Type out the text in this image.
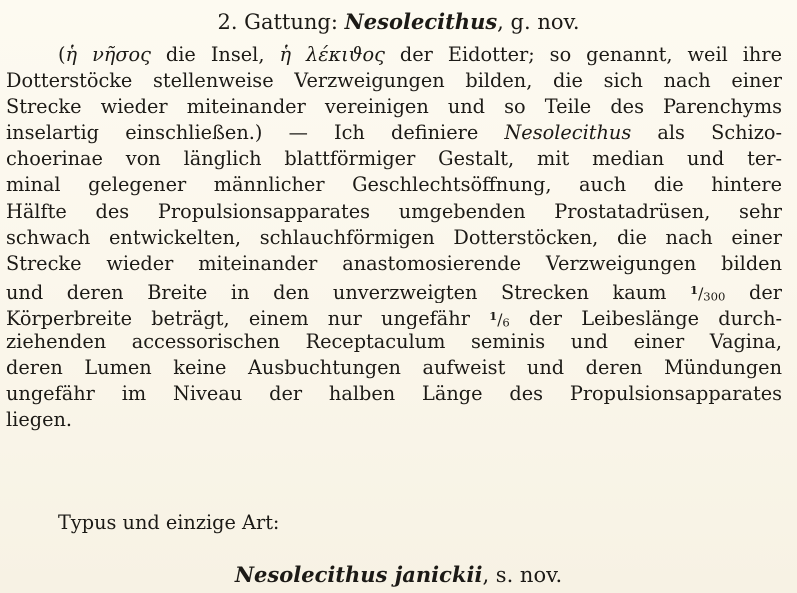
2. Gattung: Nesolecithus, g. nov.
(ἡ νῆσος die Insel, ἡ λέκιϑος der Eidotter; so genannt, weil ihre
Dotterstöcke stellenweise Verzweigungen bilden, die sich nach einer
Strecke wieder miteinander vereinigen und so Teile des Parenchyms
inselartig einschließen.) — Ich definiere Nesolecithus als Schizo-
choerinae von länglich blattförmiger Gestalt, mit median und ter-
minal gelegener männlicher Geschlechtsöffnung, auch die hintere
Hälfte des Propulsionsapparates umgebenden Prostatadrüsen, sehr
schwach entwickelten, schlauchförmigen Dotterstöcken, die nach einer
Strecke wieder miteinander anastomosierende Verzweigungen bilden
und deren Breite in den unverzweigten Strecken kaum $^1/_{300}$ der
Körperbreite beträgt, einem nur ungefähr $^1/_6$ der Leibeslänge durch-
ziehenden accessorischen Receptaculum seminis und einer Vagina,
deren Lumen keine Ausbuchtungen aufweist und deren Mündungen
ungefähr im Niveau der halben Länge des Propulsionsapparates
liegen.
Typus und einzige Art:
Nesolecithus janickii, s. nov.
